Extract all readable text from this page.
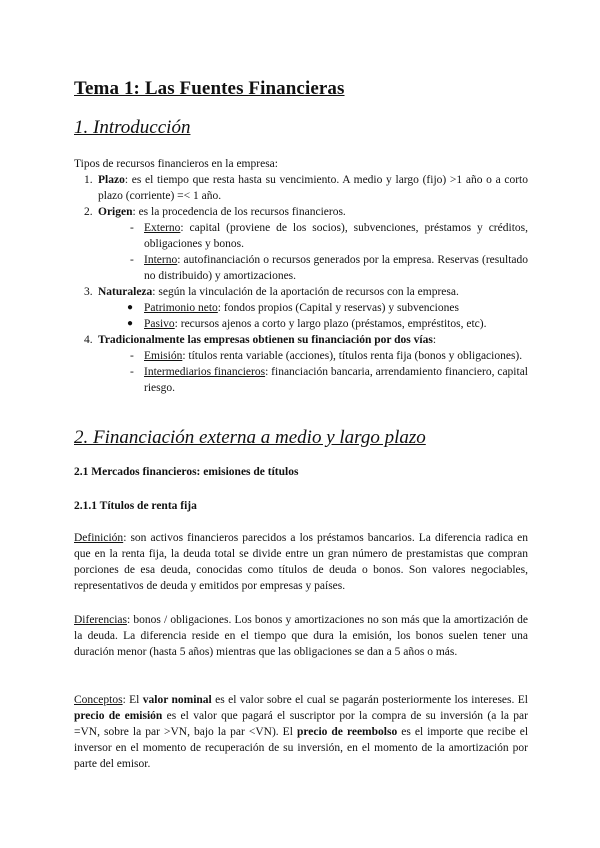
Tema 1: Las Fuentes Financieras
1. Introducción
Tipos de recursos financieros en la empresa:
1. Plazo: es el tiempo que resta hasta su vencimiento. A medio y largo (fijo) >1 año o a corto plazo (corriente) =< 1 año.
2. Origen: es la procedencia de los recursos financieros.
- Externo: capital (proviene de los socios), subvenciones, préstamos y créditos, obligaciones y bonos.
- Interno: autofinanciación o recursos generados por la empresa. Reservas (resultado no distribuido) y amortizaciones.
3. Naturaleza: según la vinculación de la aportación de recursos con la empresa.
● Patrimonio neto: fondos propios (Capital y reservas) y subvenciones
● Pasivo: recursos ajenos a corto y largo plazo (préstamos, empréstitos, etc).
4. Tradicionalmente las empresas obtienen su financiación por dos vías:
- Emisión: títulos renta variable (acciones), títulos renta fija (bonos y obligaciones).
- Intermediarios financieros: financiación bancaria, arrendamiento financiero, capital riesgo.
2. Financiación externa a medio y largo plazo
2.1 Mercados financieros: emisiones de títulos
2.1.1 Títulos de renta fija

Definición: son activos financieros parecidos a los préstamos bancarios. La diferencia radica en que en la renta fija, la deuda total se divide entre un gran número de prestamistas que compran porciones de esa deuda, conocidas como títulos de deuda o bonos. Son valores negociables, representativos de deuda y emitidos por empresas y países.

Diferencias: bonos / obligaciones. Los bonos y amortizaciones no son más que la amortización de la deuda. La diferencia reside en el tiempo que dura la emisión, los bonos suelen tener una duración menor (hasta 5 años) mientras que las obligaciones se dan a 5 años o más.

Conceptos: El valor nominal es el valor sobre el cual se pagarán posteriormente los intereses. El precio de emisión es el valor que pagará el suscriptor por la compra de su inversión (a la par =VN, sobre la par >VN, bajo la par <VN). El precio de reembolso es el importe que recibe el inversor en el momento de recuperación de su inversión, en el momento de la amortización por parte del emisor.
